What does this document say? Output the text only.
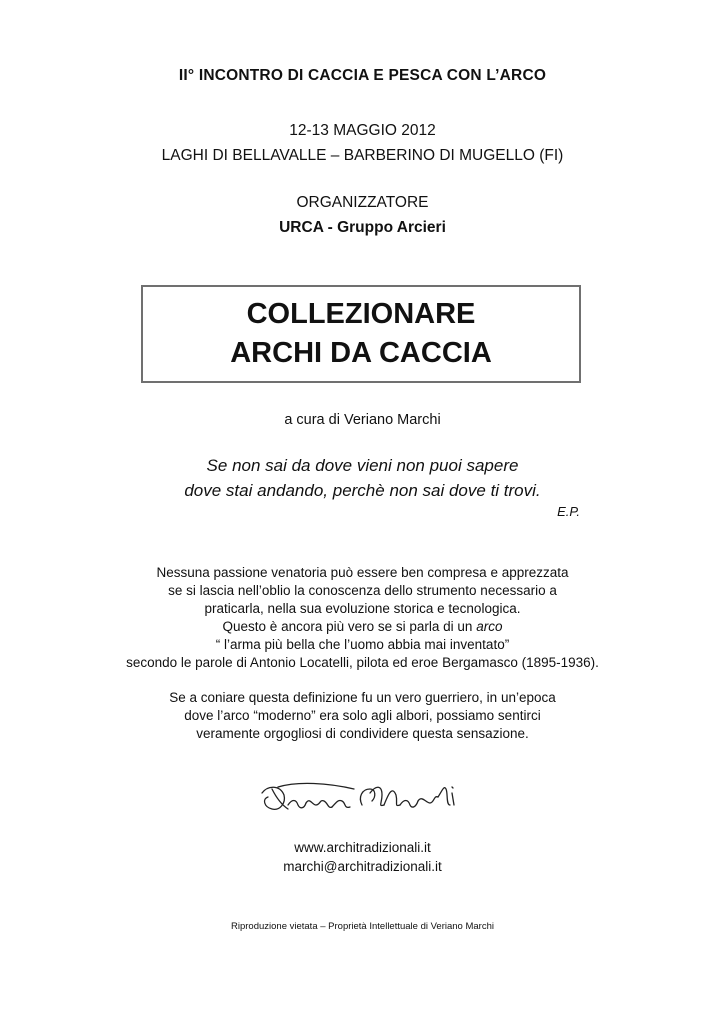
II° INCONTRO DI CACCIA E PESCA CON L’ARCO
12-13 MAGGIO 2012
LAGHI DI BELLAVALLE – BARBERINO DI MUGELLO (FI)
ORGANIZZATORE
URCA - Gruppo Arcieri
COLLEZIONARE
ARCHI DA CACCIA
a cura di Veriano Marchi
Se non sai da dove vieni non puoi sapere
dove stai andando, perchè non sai dove ti trovi.
E.P.
Nessuna passione venatoria può essere ben compresa e apprezzata
se si lascia nell’oblio la conoscenza dello strumento necessario a
praticarla, nella sua evoluzione storica e tecnologica.
Questo è ancora più vero se si parla di un arco
“ l’arma più bella che l’uomo abbia mai inventato”
secondo le parole di Antonio Locatelli, pilota ed eroe Bergamasco (1895-1936).
Se a coniare questa definizione fu un vero guerriero, in un’epoca
dove l’arco “moderno” era solo agli albori, possiamo sentirci
veramente orgogliosi di condividere questa sensazione.
www.architradizionali.it
marchi@architradizionali.it
Riproduzione vietata – Proprietà Intellettuale di Veriano Marchi
